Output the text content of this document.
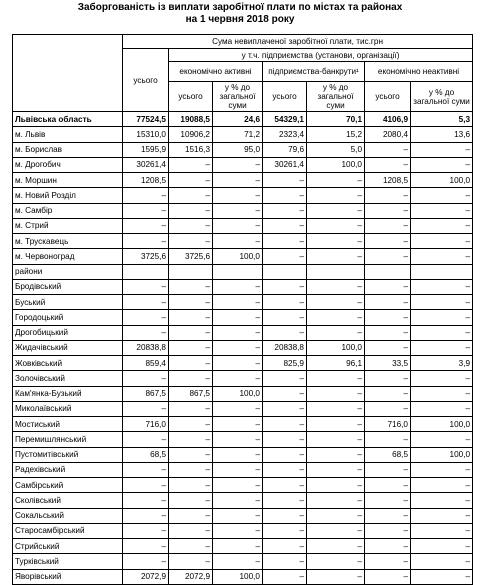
Заборгованість із виплати заробітної плати по містах та районах
на 1 червня 2018 року
	Сума невиплаченої заробітної плати, тис.грн						
	усього	у т.ч. підприємства (установи, організації)					
		економічно активні		підприємства-банкрути¹		економічно неактивні	
		усього	у % до загальної суми	усього	у % до загальної суми	усього	у % до загальної суми
Львівська область	77524,5	19088,5	24,6	54329,1	70,1	4106,9	5,3
м. Львів	15310,0	10906,2	71,2	2323,4	15,2	2080,4	13,6
м. Борислав	1595,9	1516,3	95,0	79,6	5,0	–	–
м. Дрогобич	30261,4	–	–	30261,4	100,0	–	–
м. Моршин	1208,5	–	–	–	–	1208,5	100,0
м. Новий Розділ	–	–	–	–	–	–	–
м. Самбір	–	–	–	–	–	–	–
м. Стрий	–	–	–	–	–	–	–
м. Трускавець	–	–	–	–	–	–	–
м. Червоноград	3725,6	3725,6	100,0	–	–	–	–
райони							
Бродівський	–	–	–	–	–	–	–
Буський	–	–	–	–	–	–	–
Городоцький	–	–	–	–	–	–	–
Дрогобицький	–	–	–	–	–	–	–
Жидачівський	20838,8	–	–	20838,8	100,0	–	–
Жовківський	859,4	–	–	825,9	96,1	33,5	3,9
Золочівський	–	–	–	–	–	–	–
Кам'янка-Бузький	867,5	867,5	100,0	–	–	–	–
Миколаївський	–	–	–	–	–	–	–
Мостиський	716,0	–	–	–	–	716,0	100,0
Перемишлянський	–	–	–	–	–	–	–
Пустомитівський	68,5	–	–	–	–	68,5	100,0
Радехівський	–	–	–	–	–	–	–
Самбірський	–	–	–	–	–	–	–
Сколівський	–	–	–	–	–	–	–
Сокальський	–	–	–	–	–	–	–
Старосамбірський	–	–	–	–	–	–	–
Стрийський	–	–	–	–	–	–	–
Турківський	–	–	–	–	–	–	–
Яворівський	2072,9	2072,9	100,0	–	–	–	–
